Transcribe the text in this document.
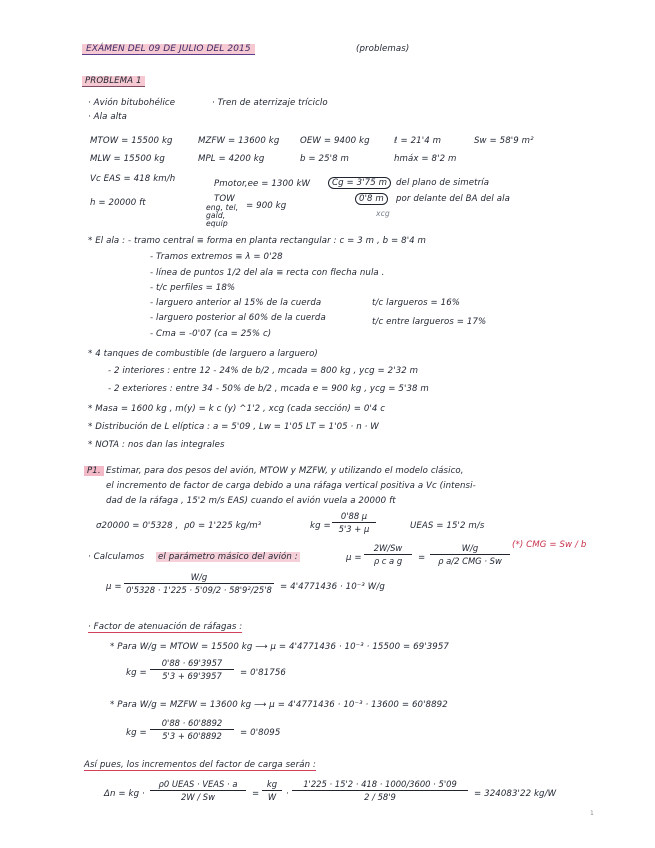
EXÁMEN DEL 09 DE JULIO DEL 2015	(problemas)
PROBLEMA 1
· Avión bitubohélice
· Ala alta
· Tren de aterrizaje tríciclo
MTOW = 15500 kg	MZFW = 13600 kg OEW = 9400 kg	ℓ = 21'4 m	Sw = 58'9 m²
MLW = 15500 kg	MPL = 4200 kg	b = 25'8 m	hmáx = 8'2 m
Vc EAS = 418 km/h	Pmotor,ee = 1300 kW	Cg = 3'75 m	del plano de simetría
0'8 m	por delante del BA del ala
xcg
h = 20000 ft	TOW
eng, tel, gald, equip
= 900 kg
* El ala : - tramo central ≡ forma en planta rectangular : c = 3 m , b = 8'4 m
- Tramos extremos ≡ λ = 0'28
- línea de puntos 1/2 del ala ≡ recta con flecha nula .
- t/c perfiles = 18%
- larguero anterior al 15% de la cuerda	t/c largueros = 16%
- larguero posterior al 60% de la cuerda	t/c entre largueros = 17%
- Cma = -0'07 (ca = 25% c)
* 4 tanques de combustible (de larguero a larguero)
- 2 interiores : entre 12 - 24% de b/2 , mcada = 800 kg , ycg = 2'32 m
- 2 exteriores : entre 34 - 50% de b/2 , mcada e = 900 kg , ycg = 5'38 m
* Masa = 1600 kg , m(y) = k c (y) ^1'2 , xcg (cada sección) = 0'4 c
* Distribución de L elíptica : a = 5'09 , Lw = 1'05 LT = 1'05 · n · W
* NOTA : nos dan las integrales
P1. Estimar, para dos pesos del avión, MTOW y MZFW, y utilizando el modelo clásico,
el incremento de factor de carga debido a una ráfaga vertical positiva a Vc (intensi-
dad de la ráfaga , 15'2 m/s EAS) cuando el avión vuela a 20000 ft
σ20000 = 0'5328 , ρ0 = 1'225 kg/m³	kg = $\frac{0'88 \mu}{5'3 + \mu}$	UEAS = 15'2 m/s
(*) CMG = Sw / b
· Calculamos el parámetro másico del avión :	$\mu = \frac{2W/Sw}{\text{ρ c a g}}$ =
W/g
ρ a/2 CMG · Sw
$\mu = \frac{W/g}{\text{0'5328 · 1'225 · 5'09/2 · 58'9²/25'8}} = 4'4771436 \cdot 10^{-3}$ W/g
· Factor de atenuación de ráfagas :
* Para W/g = MTOW = 15500 kg ⟶ μ = 4'4771436 · 10⁻³ · 15500 = 69'3957
kg = $\frac{0'88 \cdot 69'3957}{5'3 + 69'3957} = 0'81756$
* Para W/g = MZFW = 13600 kg ⟶ μ = 4'4771436 · 10⁻³ · 13600 = 60'8892
kg = $\frac{0'88 \cdot 60'8892}{5'3 + 60'8892} = 0'8095$
Así pues, los incrementos del factor de carga serán :
Δn = kg ·
ρ0 UEAS · VEAS · a
2W / Sw	= $\frac{kg}{W} \cdot \frac{1'225 \cdot 15'2 \cdot 418 \cdot 1000/3600 \cdot 5'09}{2 / 58'9} = 324083'22$ kg/W
1
